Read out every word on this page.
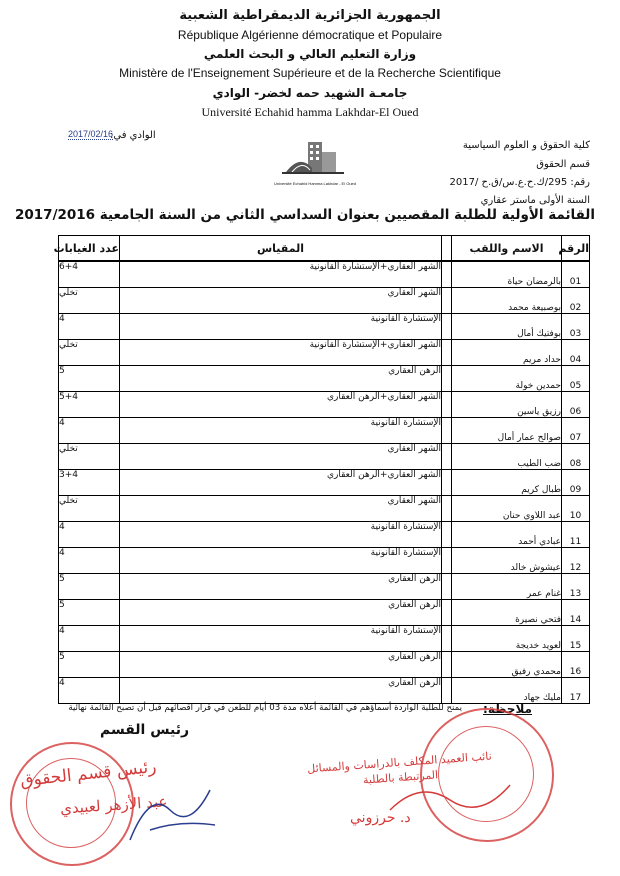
الجمهورية الجزائرية الديمقراطية الشعبية
République Algérienne démocratique et Populaire
وزارة التعليم العالي و البحث العلمي
Ministère de l'Enseignement Supérieure et de la Recherche Scientifique
جامعـة الشهيد حمه لخضر- الوادي
Université Echahid hamma Lakhdar-El Oued
الوادي في:
2017/02/16
Université Echahid Hamma Lakhdar - El Oued
كلية الحقوق و العلوم السياسية
قسم الحقوق
رقم: 295/ك.ح.ع.س/ق.ح /2017
السنة الأولى ماستر عقاري
القائمة الأولية للطلبة المقصيين بعنوان السداسي الثاني من السنة الجامعية 2017/2016
الرقم	الاسم واللقب		المقياس	عدد الغيابات
01	بالرمضان حياة		الشهر العقاري+الإستشارة القانونية	6+4
02	بوصبيعة محمد		الشهر العقاري	تخلي
03	بوفتيك أمال		الإستشارة القانونية	4
04	حداد مريم		الشهر العقاري+الإستشارة القانونية	تخلي
05	حمدين خولة		الرهن العقاري	5
06	رزيق ياسين		الشهر العقاري+الرهن العقاري	5+4
07	صوالح عمار أمال		الإستشارة القانونية	4
08	ضب الطيب		الشهر العقاري	تخلي
09	طبال كريم		الشهر العقاري+الرهن العقاري	3+4
10	عبد اللاوي حنان		الشهر العقاري	تخلي
11	عبادي أحمد		الإستشارة القانونية	4
12	عيشوش خالد		الإستشارة القانونية	4
13	غنام عمر		الرهن العقاري	5
14	فتحي نصيرة		الرهن العقاري	5
15	لعويد خديجة		الإستشارة القانونية	4
16	محمدي رفيق		الرهن العقاري	5
17	مليك جهاد		الرهن العقاري	4
ملاحظة:
يمنح للطلبة الواردة أسماؤهم في القائمة أعلاه مدة 03 أيام للطعن في قرار اقصائهم قبل أن تصبح القائمة نهائية
رئيس القسم
رئيس قسم الحقوق
عبد الأزهر لعبيدي
نائب العميد المكلف بالدراسات والمسائل المرتبطة بالطلبة
د. حرزوني
